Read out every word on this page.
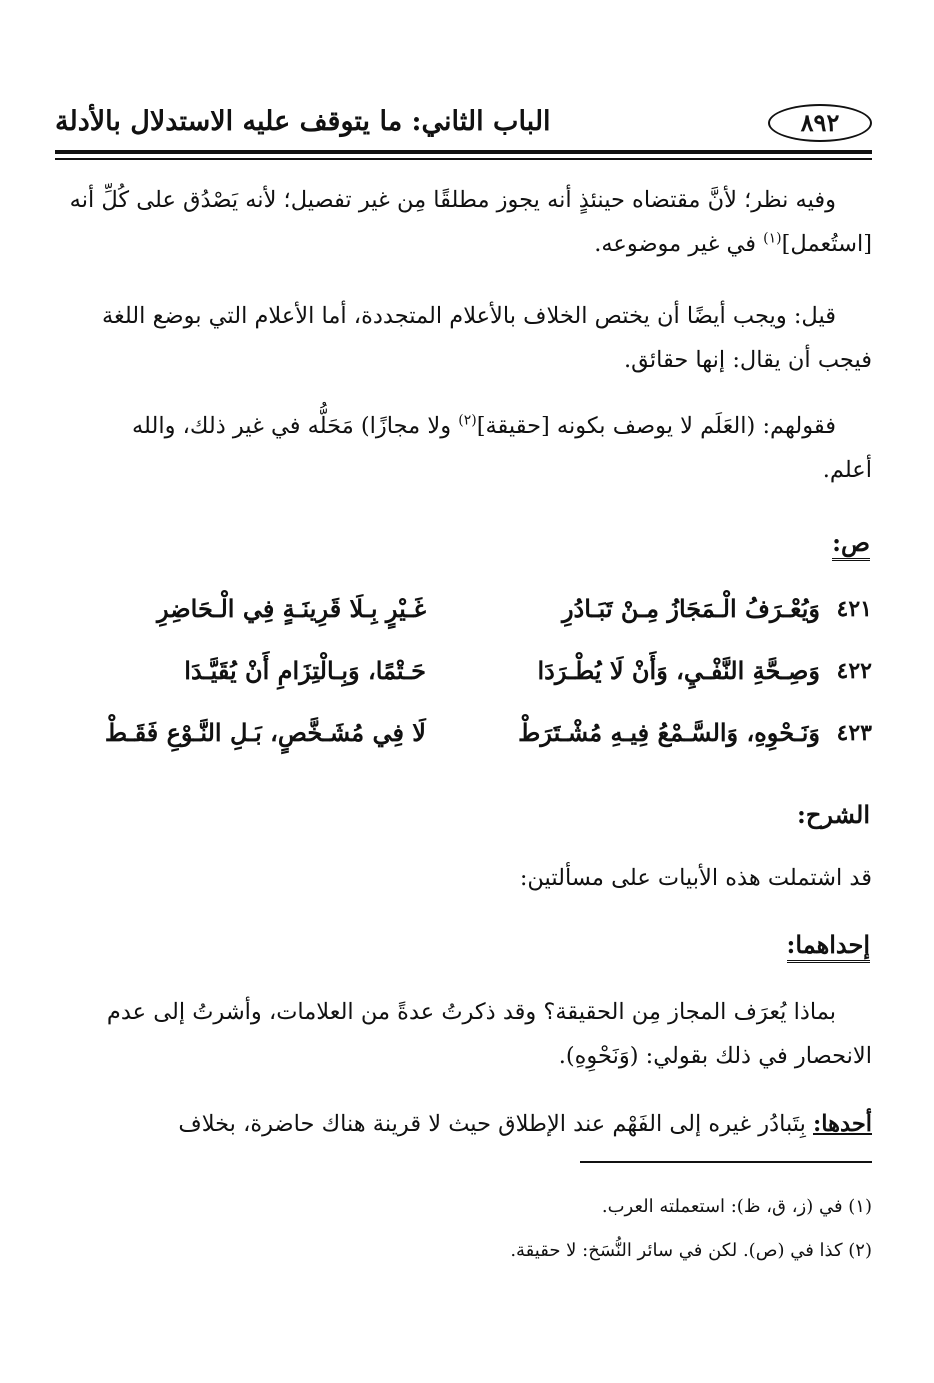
الباب الثاني: ما يتوقف عليه الاستدلال بالأدلة	٨٩٢
وفيه نظر؛ لأنَّ مقتضاه حينئذٍ أنه يجوز مطلقًا مِن غير تفصيل؛ لأنه يَصْدُق على كُلِّ أنه
[استُعمل]$^{(١)}$ في غير موضوعه.
قيل: ويجب أيضًا أن يختص الخلاف بالأعلام المتجددة، أما الأعلام التي بوضع اللغة
فيجب أن يقال: إنها حقائق.
فقولهم: (العَلَم لا يوصف بكونه [حقيقة]$^{(٢)}$ ولا مجازًا) مَحَلُّه في غير ذلك، والله
أعلم.
ص:
٤٢١
وَيُعْـرَفُ الْـمَجَازُ مِـنْ تَبَـادُرِ
غَـيْرٍ بِـلَا قَرِينَـةٍ فِي الْـحَاضِرِ
٤٢٢
وَصِـحَّةِ النَّفْـيِ، وَأَنْ لَا يُطْـرَدَا
حَـتْمًا، وَبِـالْتِزَامِ أَنْ يُقَيَّـدَا
٤٢٣
وَنَـحْوِهِ، وَالسَّـمْعُ فِيـهِ مُشْـتَرَطْ
لَا فِي مُشَـخَّصٍ، بَـلِ النَّـوْعِ فَقَـطْ
الشرح:
قد اشتملت هذه الأبيات على مسألتين:
إحداهما:
بماذا يُعرَف المجاز مِن الحقيقة؟ وقد ذكرتُ عدةً من العلامات، وأشرتُ إلى عدم
الانحصار في ذلك بقولي: (وَنَحْوِهِ).
أحدها: بِتَبادُر غيره إلى الفَهْم عند الإطلاق حيث لا قرينة هناك حاضرة، بخلاف
(١) في (ز، ق، ظ): استعملته العرب.
(٢) كذا في (ص). لكن في سائر النُّسَخ: لا حقيقة.
